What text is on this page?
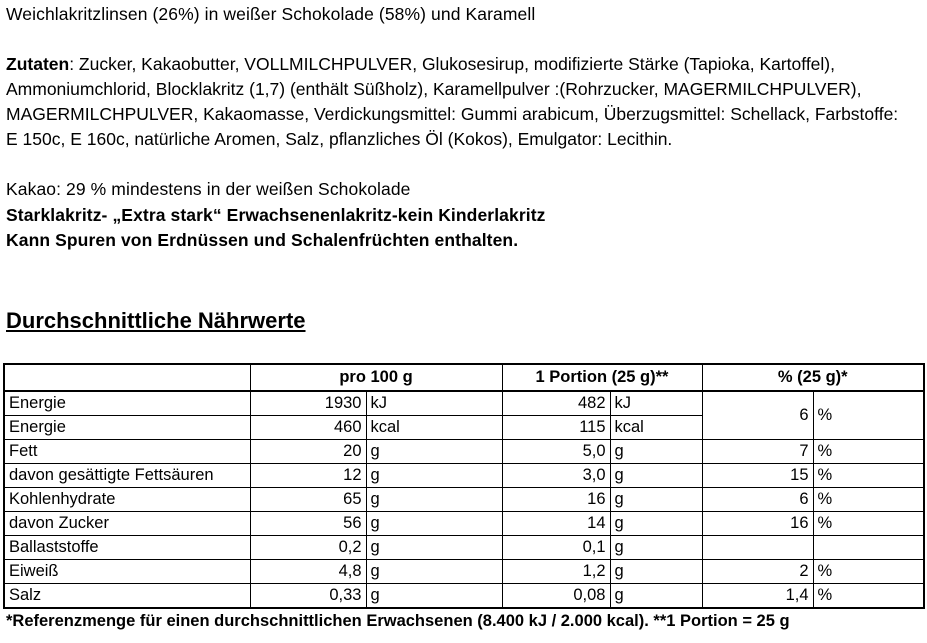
Weichlakritzlinsen (26%) in weißer Schokolade (58%) und Karamell
Zutaten: Zucker, Kakaobutter, VOLLMILCHPULVER, Glukosesirup, modifizierte Stärke (Tapioka, Kartoffel), Ammoniumchlorid, Blocklakritz (1,7) (enthält Süßholz), Karamellpulver :(Rohrzucker, MAGERMILCHPULVER), MAGERMILCHPULVER, Kakaomasse, Verdickungsmittel: Gummi arabicum, Überzugsmittel: Schellack, Farbstoffe: E 150c, E 160c, natürliche Aromen, Salz, pflanzliches Öl (Kokos), Emulgator: Lecithin.
Kakao: 29 % mindestens in der weißen Schokolade
Starklakritz- „Extra stark“ Erwachsenenlakritz-kein Kinderlakritz
Kann Spuren von Erdnüssen und Schalenfrüchten enthalten.
Durchschnittliche Nährwerte
	pro 100 g		1 Portion (25 g)**		% (25 g)*	
Energie	1930	kJ	482	kJ	6	%
Energie	460	kcal	115	kcal		
Fett	20	g	5,0	g	7	%
davon gesättigte Fettsäuren	12	g	3,0	g	15	%
Kohlenhydrate	65	g	16	g	6	%
davon Zucker	56	g	14	g	16	%
Ballaststoffe	0,2	g	0,1	g		
Eiweiß	4,8	g	1,2	g	2	%
Salz	0,33	g	0,08	g	1,4	%
*Referenzmenge für einen durchschnittlichen Erwachsenen (8.400 kJ / 2.000 kcal). **1 Portion = 25 g
